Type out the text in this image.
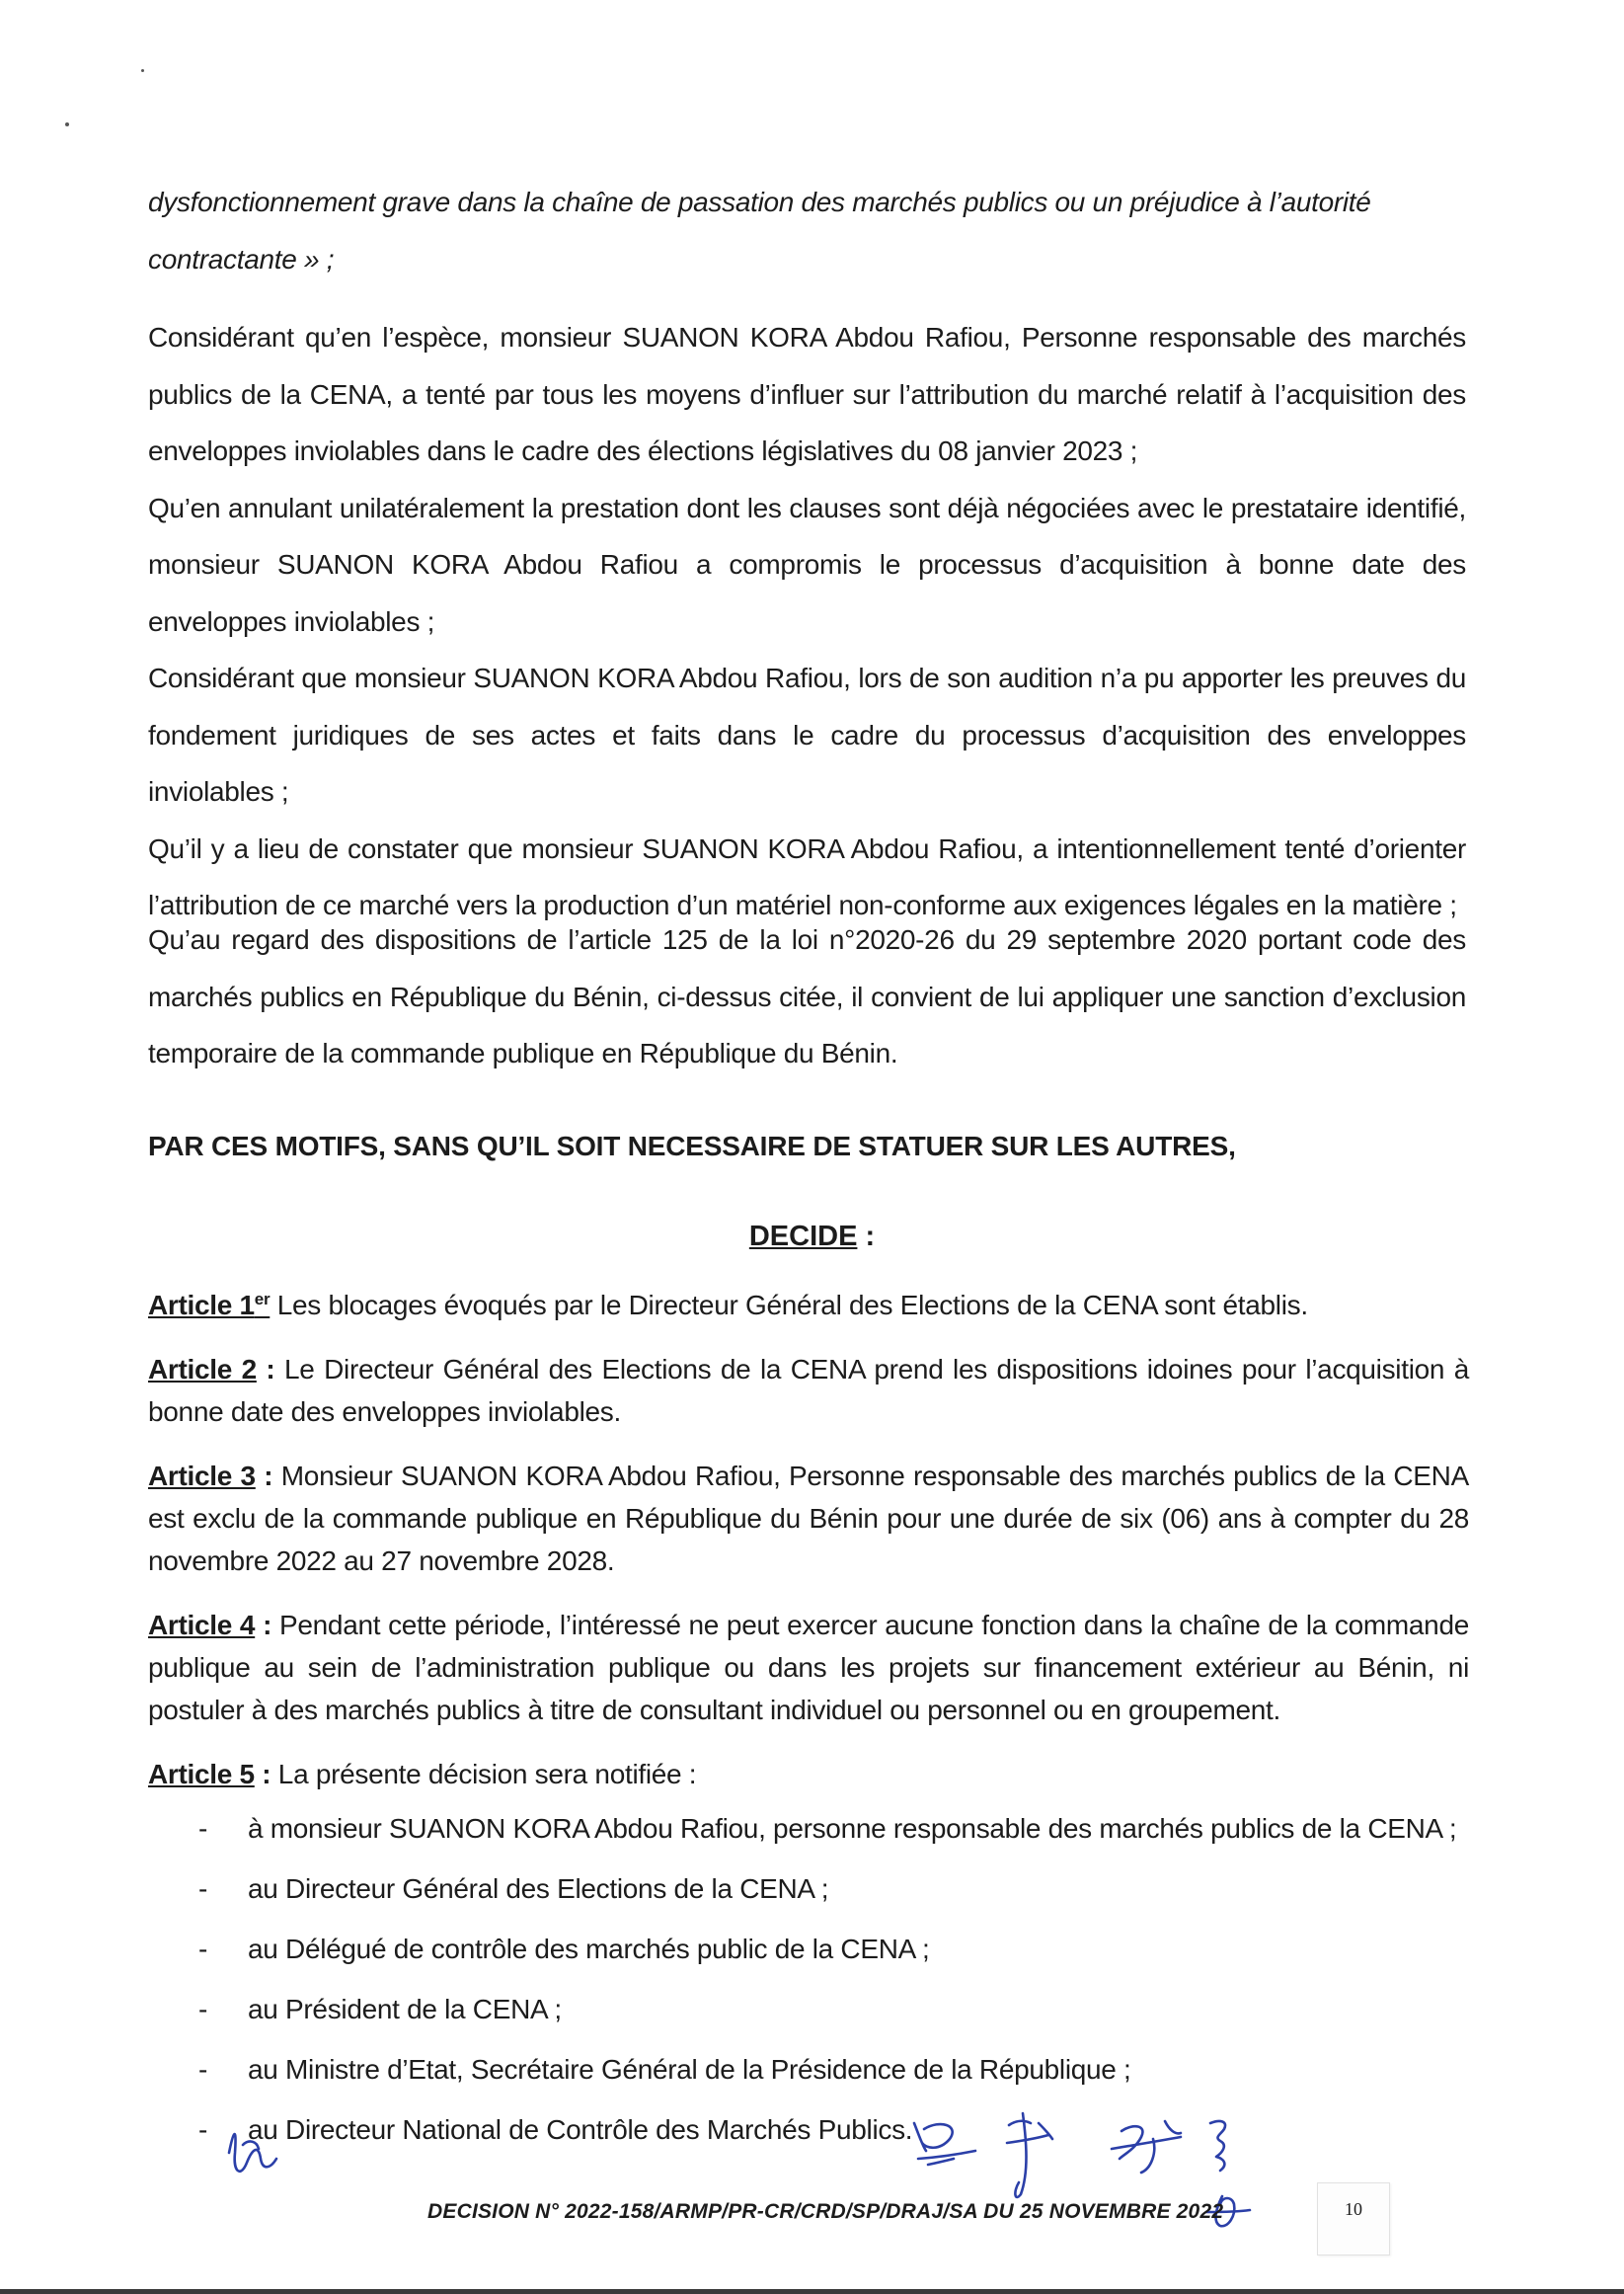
dysfonctionnement grave dans la chaîne de passation des marchés publics ou un préjudice à l’autorité
contractante » ;

Considérant qu’en l’espèce, monsieur SUANON KORA Abdou Rafiou, Personne responsable des marchés publics de la CENA, a tenté par tous les moyens d’influer sur l’attribution du marché relatif à l’acquisition des enveloppes inviolables dans le cadre des élections législatives du 08 janvier 2023 ;

Qu’en annulant unilatéralement la prestation dont les clauses sont déjà négociées avec le prestataire identifié, monsieur SUANON KORA Abdou Rafiou a compromis le processus d’acquisition à bonne date des enveloppes inviolables ;

Considérant que monsieur SUANON KORA Abdou Rafiou, lors de son audition n’a pu apporter les preuves du fondement juridiques de ses actes et faits dans le cadre du processus d’acquisition des enveloppes inviolables ;

Qu’il y a lieu de constater que monsieur SUANON KORA Abdou Rafiou, a intentionnellement tenté d’orienter l’attribution de ce marché vers la production d’un matériel non-conforme aux exigences légales en la matière ;

Qu’au regard des dispositions de l’article 125 de la loi n°2020-26 du 29 septembre 2020 portant code des marchés publics en République du Bénin, ci-dessus citée, il convient de lui appliquer une sanction d’exclusion temporaire de la commande publique en République du Bénin.

PAR CES MOTIFS, SANS QU’IL SOIT NECESSAIRE DE STATUER SUR LES AUTRES,

DECIDE :

Article 1er Les blocages évoqués par le Directeur Général des Elections de la CENA sont établis.

Article 2 : Le Directeur Général des Elections de la CENA prend les dispositions idoines pour l’acquisition à bonne date des enveloppes inviolables.

Article 3 : Monsieur SUANON KORA Abdou Rafiou, Personne responsable des marchés publics de la CENA est exclu de la commande publique en République du Bénin pour une durée de six (06) ans à compter du 28 novembre 2022 au 27 novembre 2028.

Article 4 : Pendant cette période, l’intéressé ne peut exercer aucune fonction dans la chaîne de la commande publique au sein de l’administration publique ou dans les projets sur financement extérieur au Bénin, ni postuler à des marchés publics à titre de consultant individuel ou personnel ou en groupement.

Article 5 : La présente décision sera notifiée :

- à monsieur SUANON KORA Abdou Rafiou, personne responsable des marchés publics de la CENA ;
- au Directeur Général des Elections de la CENA ;
- au Délégué de contrôle des marchés public de la CENA ;
- au Président de la CENA ;
- au Ministre d’Etat, Secrétaire Général de la Présidence de la République ;
- au Directeur National de Contrôle des Marchés Publics.

DECISION N° 2022-158/ARMP/PR-CR/CRD/SP/DRAJ/SA DU 25 NOVEMBRE 2022	10
